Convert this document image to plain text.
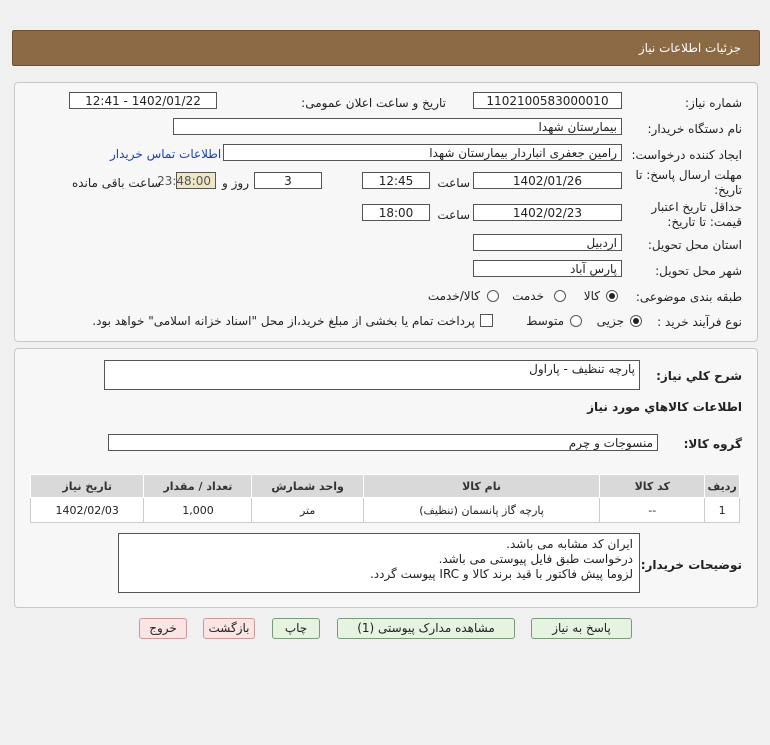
جزئیات اطلاعات نیاز
شماره نیاز:
1102100583000010
تاریخ و ساعت اعلان عمومی:
1402/01/22 - 12:41
نام دستگاه خریدار:
بیمارستان شهدا
ایجاد کننده درخواست:
رامین جعفری انباردار بیمارستان شهدا
اطلاعات تماس خریدار
مهلت ارسال پاسخ: تا
تاریخ:
1402/01/26
ساعت
12:45
3
روز و
23:48:00
ساعت باقی مانده
حداقل تاریخ اعتبار
قیمت: تا تاریخ:
1402/02/23
ساعت
18:00
استان محل تحویل:
اردبیل
شهر محل تحویل:
پارس آباد
طبقه بندی موضوعی:
کالا
خدمت
کالا/خدمت
نوع فرآیند خرید :
جزیی
متوسط
پرداخت تمام یا بخشی از مبلغ خرید،از محل "اسناد خزانه اسلامی" خواهد بود.
شرح کلي نياز:
پارچه تنظیف - پاراول
اطلاعات کالاهاي مورد نياز
گروه کالا:
منسوجات و چرم
تاریخ نیاز	تعداد / مقدار	واحد شمارش	نام کالا	کد کالا	ردیف
1402/02/03	1,000	متر	پارچه گاز پانسمان (تنظیف)	--	1
توضیحات خریدار:
ایران کد مشابه می باشد.
درخواست طبق فایل پیوستی می باشد.
لزوما پیش فاکتور با قید برند کالا و IRC پیوست گردد.
پاسخ به نیاز
مشاهده مدارک پیوستی (1)
چاپ
بازگشت
خروج
